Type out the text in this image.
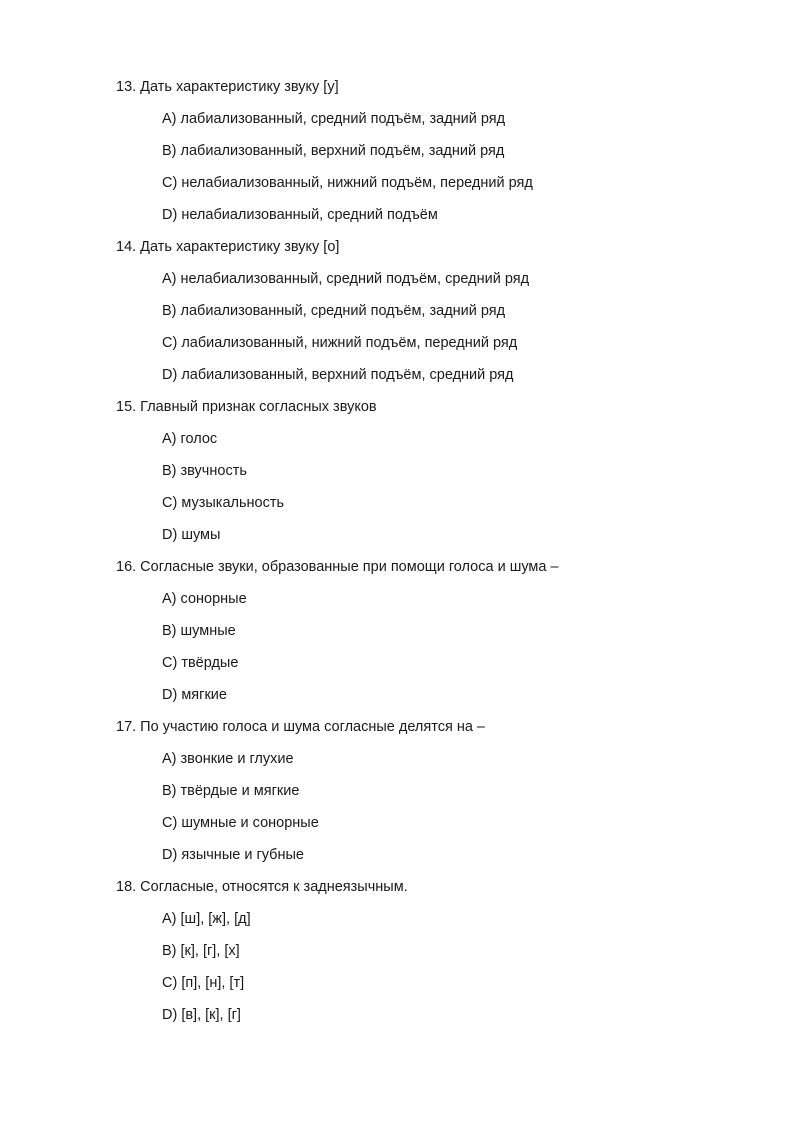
13. Дать характеристику звуку [у]
A) лабиализованный, средний подъём, задний ряд
B) лабиализованный, верхний подъём, задний ряд
C) нелабиализованный, нижний подъём, передний ряд
D) нелабиализованный, средний подъём
14. Дать характеристику звуку [о]
A) нелабиализованный, средний подъём, средний ряд
B) лабиализованный, средний подъём, задний ряд
C) лабиализованный, нижний подъём, передний ряд
D) лабиализованный, верхний подъём, средний ряд
15. Главный признак согласных звуков
A) голос
B) звучность
C) музыкальность
D) шумы
16. Согласные звуки, образованные при помощи голоса и шума –
A) сонорные
B) шумные
C) твёрдые
D) мягкие
17. По участию голоса и шума согласные делятся на –
A) звонкие и глухие
B) твёрдые и мягкие
C) шумные и сонорные
D) язычные и губные
18. Согласные, относятся к заднеязычным.
A) [ш], [ж], [д]
B) [к], [г], [х]
C) [п], [н], [т]
D) [в], [к], [г]
